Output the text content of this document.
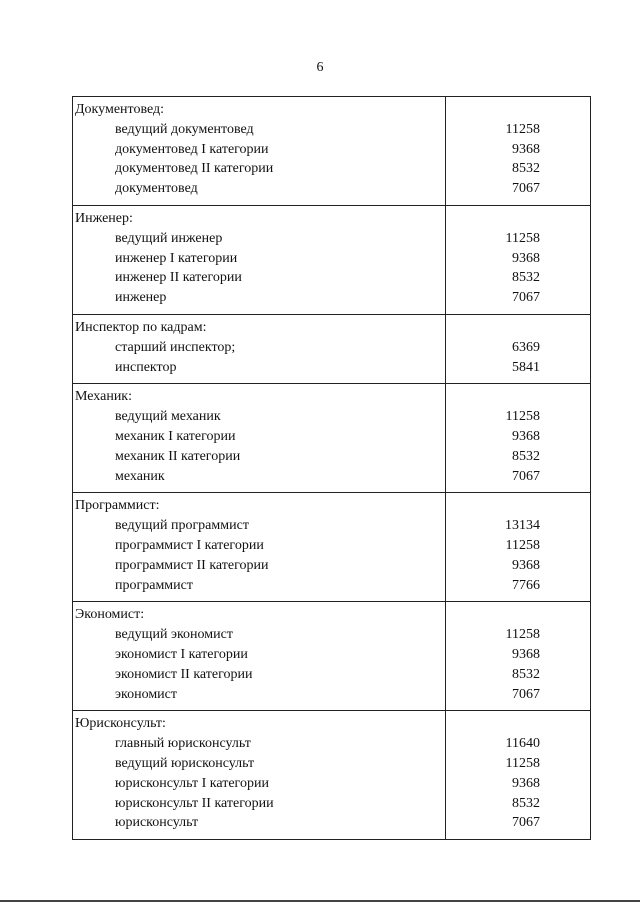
6
Документовед:
ведущий документовед
документовед I категории
документовед II категории
документовед
11258
9368
8532
7067
Инженер:
ведущий инженер
инженер I категории
инженер II категории
инженер
11258
9368
8532
7067
Инспектор по кадрам:
старший инспектор;
инспектор
6369
5841
Механик:
ведущий механик
механик I категории
механик II категории
механик
11258
9368
8532
7067
Программист:
ведущий программист
программист I категории
программист II категории
программист
13134
11258
9368
7766
Экономист:
ведущий экономист
экономист I категории
экономист II категории
экономист
11258
9368
8532
7067
Юрисконсульт:
главный юрисконсульт
ведущий юрисконсульт
юрисконсульт I категории
юрисконсульт II категории
юрисконсульт
11640
11258
9368
8532
7067
